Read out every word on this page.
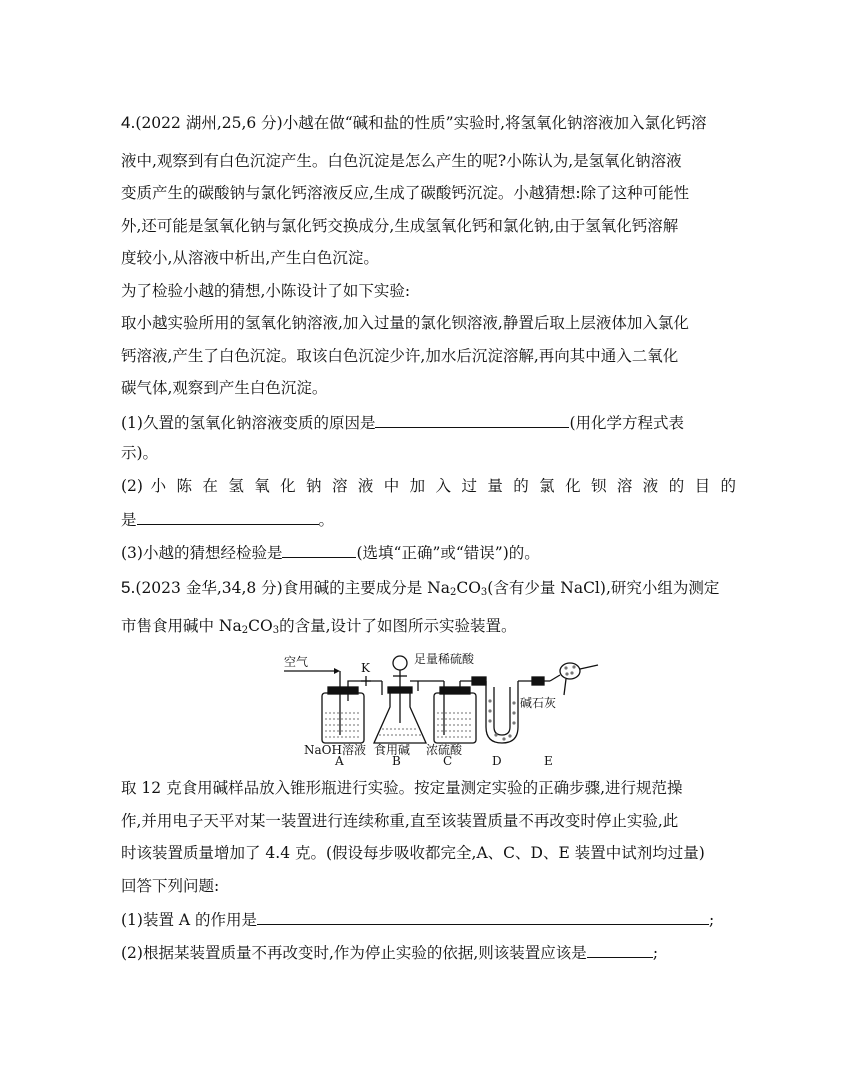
4.(2022 湖州,25,6 分)小越在做“碱和盐的性质”实验时,将氢氧化钠溶液加入氯化钙溶
液中,观察到有白色沉淀产生。白色沉淀是怎么产生的呢?小陈认为,是氢氧化钠溶液
变质产生的碳酸钠与氯化钙溶液反应,生成了碳酸钙沉淀。小越猜想:除了这种可能性
外,还可能是氢氧化钠与氯化钙交换成分,生成氢氧化钙和氯化钠,由于氢氧化钙溶解
度较小,从溶液中析出,产生白色沉淀。
为了检验小越的猜想,小陈设计了如下实验:
取小越实验所用的氢氧化钠溶液,加入过量的氯化钡溶液,静置后取上层液体加入氯化
钙溶液,产生了白色沉淀。取该白色沉淀少许,加水后沉淀溶解,再向其中通入二氧化
碳气体,观察到产生白色沉淀。
(1)久置的氢氧化钠溶液变质的原因是	(用化学方程式表
示)。
(2) 小 陈 在 氢 氧 化 钠 溶 液 中 加 入 过 量 的 氯 化 钡 溶 液 的 目 的
是	。
(3)小越的猜想经检验是	(选填“正确”或“错误”)的。
5.(2023 金华,34,8 分)食用碱的主要成分是 $Na_2CO_3$(含有少量 NaCl),研究小组为测定
市售食用碱中 $Na_2CO_3$的含量,设计了如图所示实验装置。
空气	K
足量稀硫酸
碱石灰
NaOH溶液 食用碱 浓硫酸
A	B	C	D	E
取 12 克食用碱样品放入锥形瓶进行实验。按定量测定实验的正确步骤,进行规范操
作,并用电子天平对某一装置进行连续称重,直至该装置质量不再改变时停止实验,此
时该装置质量增加了 4.4 克。(假设每步吸收都完全,A、C、D、E 装置中试剂均过量)
回答下列问题:
(1)装置 A 的作用是	;
(2)根据某装置质量不再改变时,作为停止实验的依据,则该装置应该是	;
